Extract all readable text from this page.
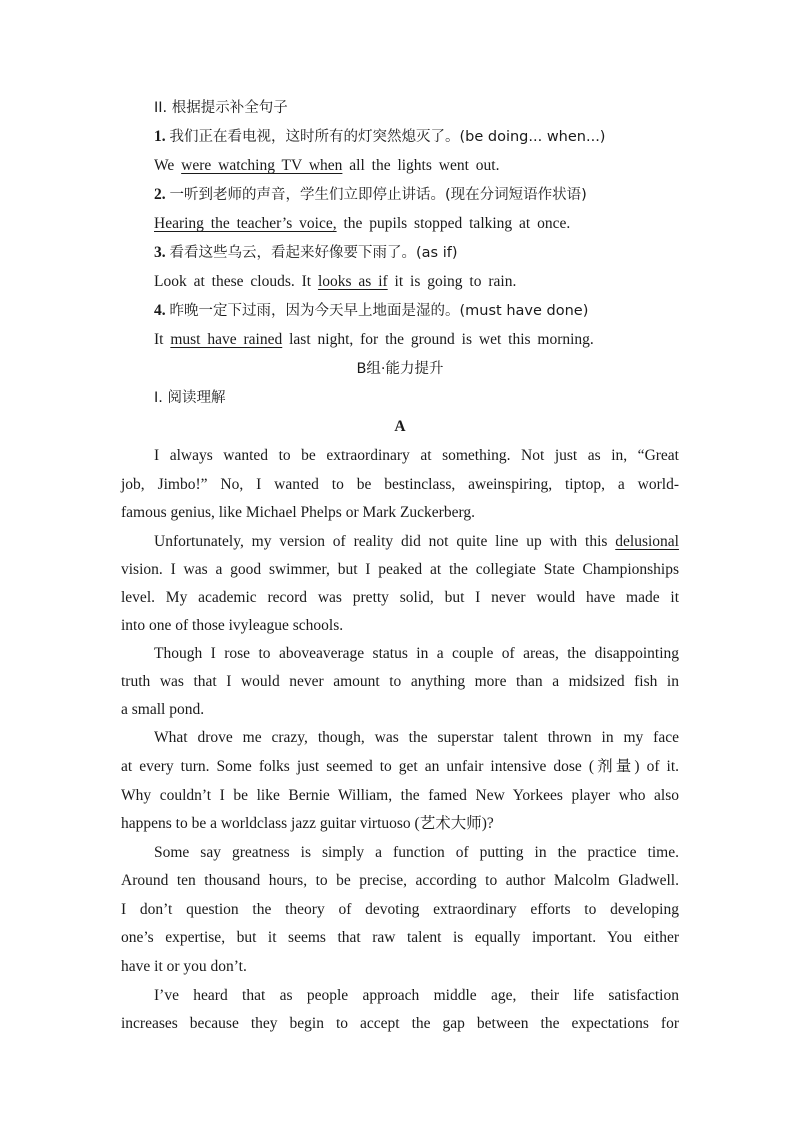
II. 根据提示补全句子
1. 我们正在看电视，这时所有的灯突然熄灭了。(be doing... when...)
We were watching TV when all the lights went out.
2. 一听到老师的声音，学生们立即停止讲话。(现在分词短语作状语)
Hearing the teacher’s voice, the pupils stopped talking at once.
3. 看看这些乌云，看起来好像要下雨了。(as if)
Look at these clouds. It looks as if it is going to rain.
4. 昨晚一定下过雨，因为今天早上地面是湿的。(must have done)
It must have rained last night, for the ground is wet this morning.
B组·能力提升
I. 阅读理解
A
I always wanted to be extraordinary at something. Not just as in, “Great
job, Jimbo!” No, I wanted to be bestinclass, aweinspiring, tiptop, a world-
famous genius, like Michael Phelps or Mark Zuckerberg.
Unfortunately, my version of reality did not quite line up with this delusional
vision. I was a good swimmer, but I peaked at the collegiate State Championships
level. My academic record was pretty solid, but I never would have made it
into one of those ivyleague schools.
Though I rose to aboveaverage status in a couple of areas, the disappointing
truth was that I would never amount to anything more than a midsized fish in
a small pond.
What drove me crazy, though, was the superstar talent thrown in my face
at every turn. Some folks just seemed to get an unfair intensive dose (剂量) of it.
Why couldn’t I be like Bernie William, the famed New Yorkees player who also
happens to be a worldclass jazz guitar virtuoso (艺术大师)?
Some say greatness is simply a function of putting in the practice time.
Around ten thousand hours, to be precise, according to author Malcolm Gladwell.
I don’t question the theory of devoting extraordinary efforts to developing
one’s expertise, but it seems that raw talent is equally important. You either
have it or you don’t.
I’ve heard that as people approach middle age, their life satisfaction
increases because they begin to accept the gap between the expectations for
